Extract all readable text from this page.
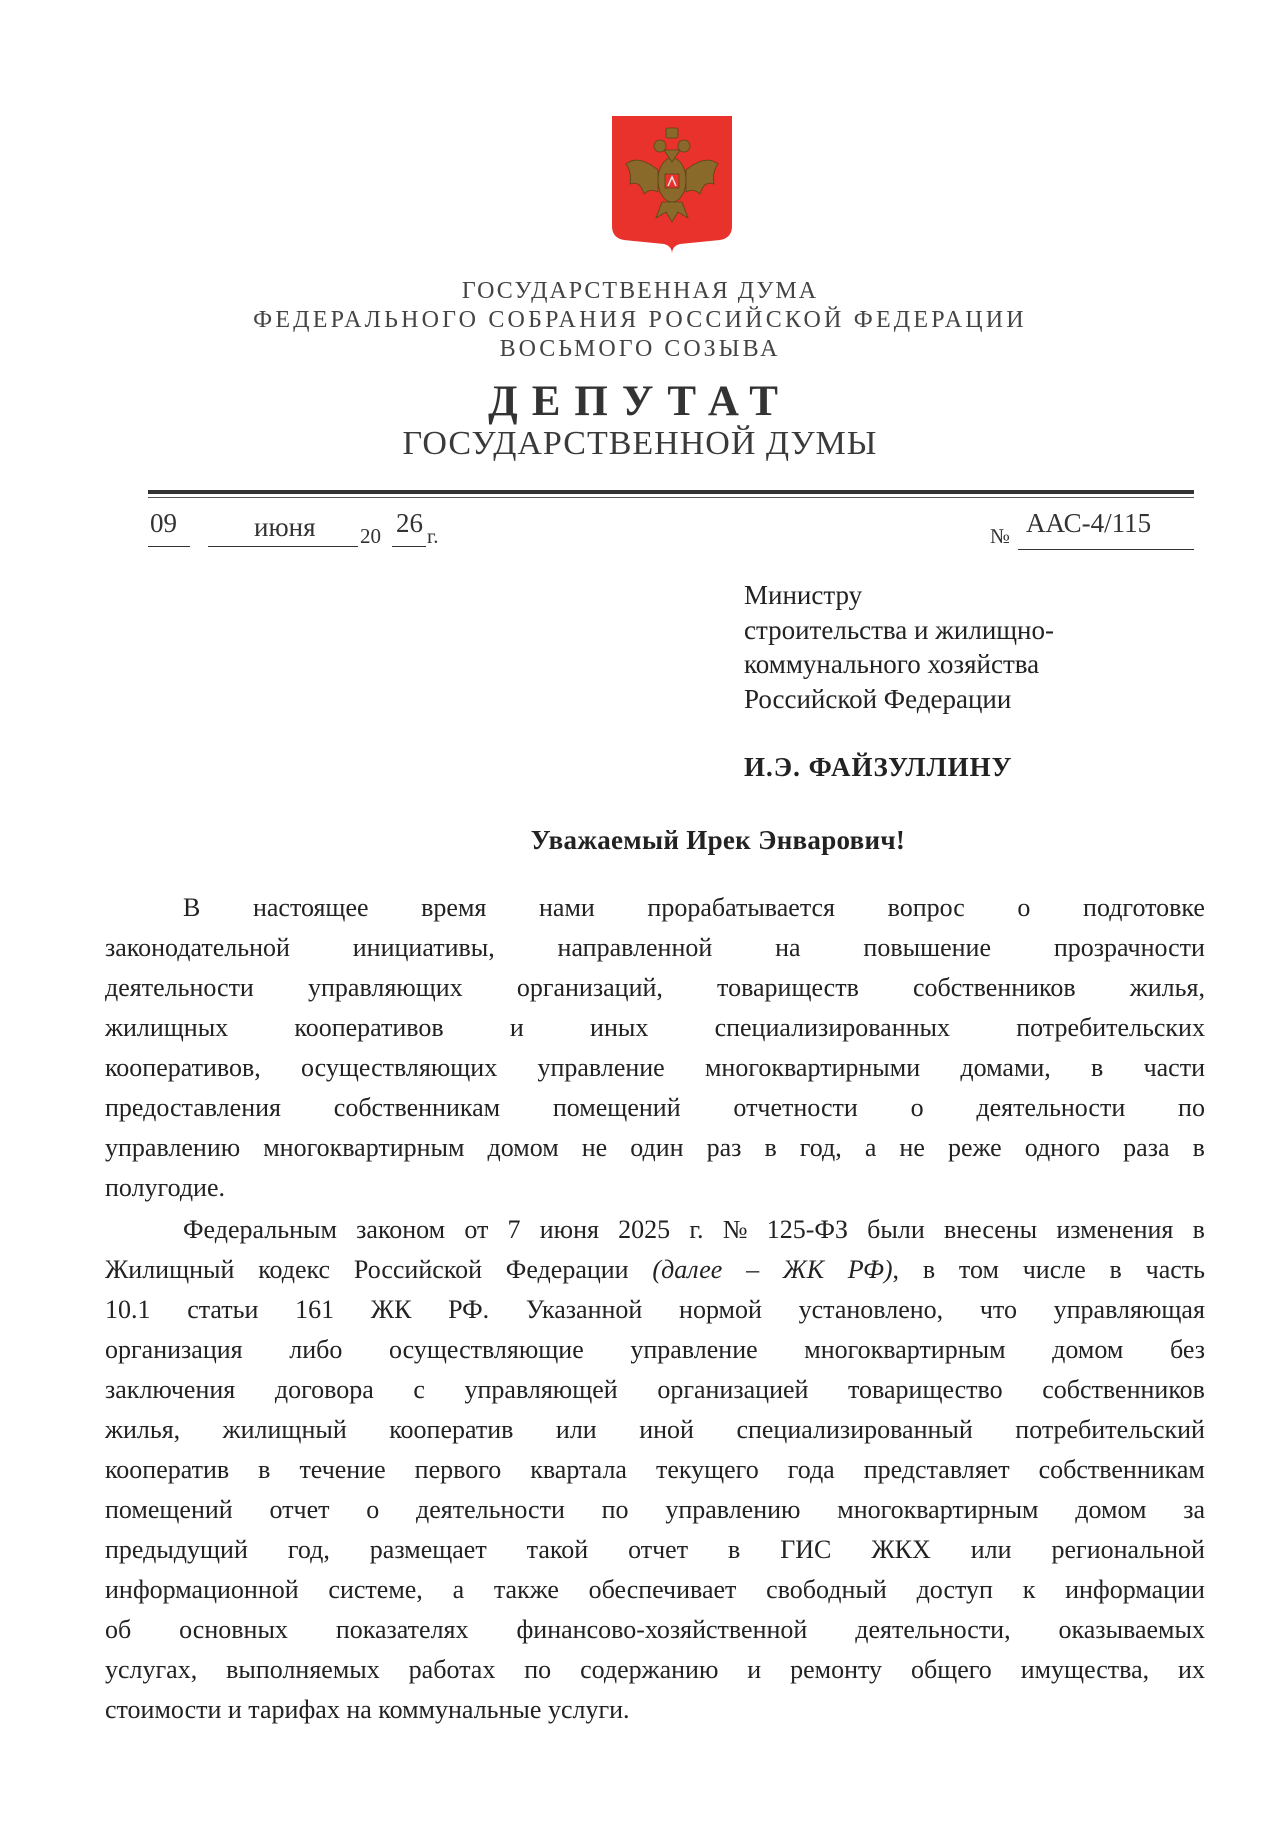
ГОСУДАРСТВЕННАЯ ДУМА
ФЕДЕРАЛЬНОГО СОБРАНИЯ РОССИЙСКОЙ ФЕДЕРАЦИИ
ВОСЬМОГО СОЗЫВА
ДЕПУТАТ
ГОСУДАРСТВЕННОЙ ДУМЫ
09	июня 20 26 г.	№ ААС-4/115
Министру
строительства и жилищно-
коммунального хозяйства
Российской Федерации
И.Э. ФАЙЗУЛЛИНУ
Уважаемый Ирек Энварович!
В настоящее время нами прорабатывается вопрос о подготовке
законодательной инициативы, направленной на повышение прозрачности
деятельности управляющих организаций, товариществ собственников жилья,
жилищных	кооперативов	и	иных	специализированных	потребительских
кооперативов, осуществляющих управление многоквартирными домами, в части
предоставления собственникам помещений отчетности о деятельности по
управлению многоквартирным домом не один раз в год, а не реже одного раза в
полугодие.
Федеральным законом от 7 июня 2025 г. № 125-ФЗ были внесены изменения в
Жилищный кодекс Российской Федерации (далее – ЖК РФ), в том числе в часть
10.1 статьи 161 ЖК РФ. Указанной нормой установлено, что управляющая
организация либо осуществляющие управление многоквартирным домом без
заключения договора с управляющей организацией товарищество собственников
жилья, жилищный кооператив или иной специализированный потребительский
кооператив в течение первого квартала текущего года представляет собственникам
помещений отчет о деятельности по управлению многоквартирным домом за
предыдущий год, размещает такой отчет в ГИС ЖКХ или региональной
информационной системе, а также обеспечивает свободный доступ к информации
об основных показателях финансово-хозяйственной деятельности, оказываемых
услугах, выполняемых работах по содержанию и ремонту общего имущества, их
стоимости и тарифах на коммунальные услуги.
